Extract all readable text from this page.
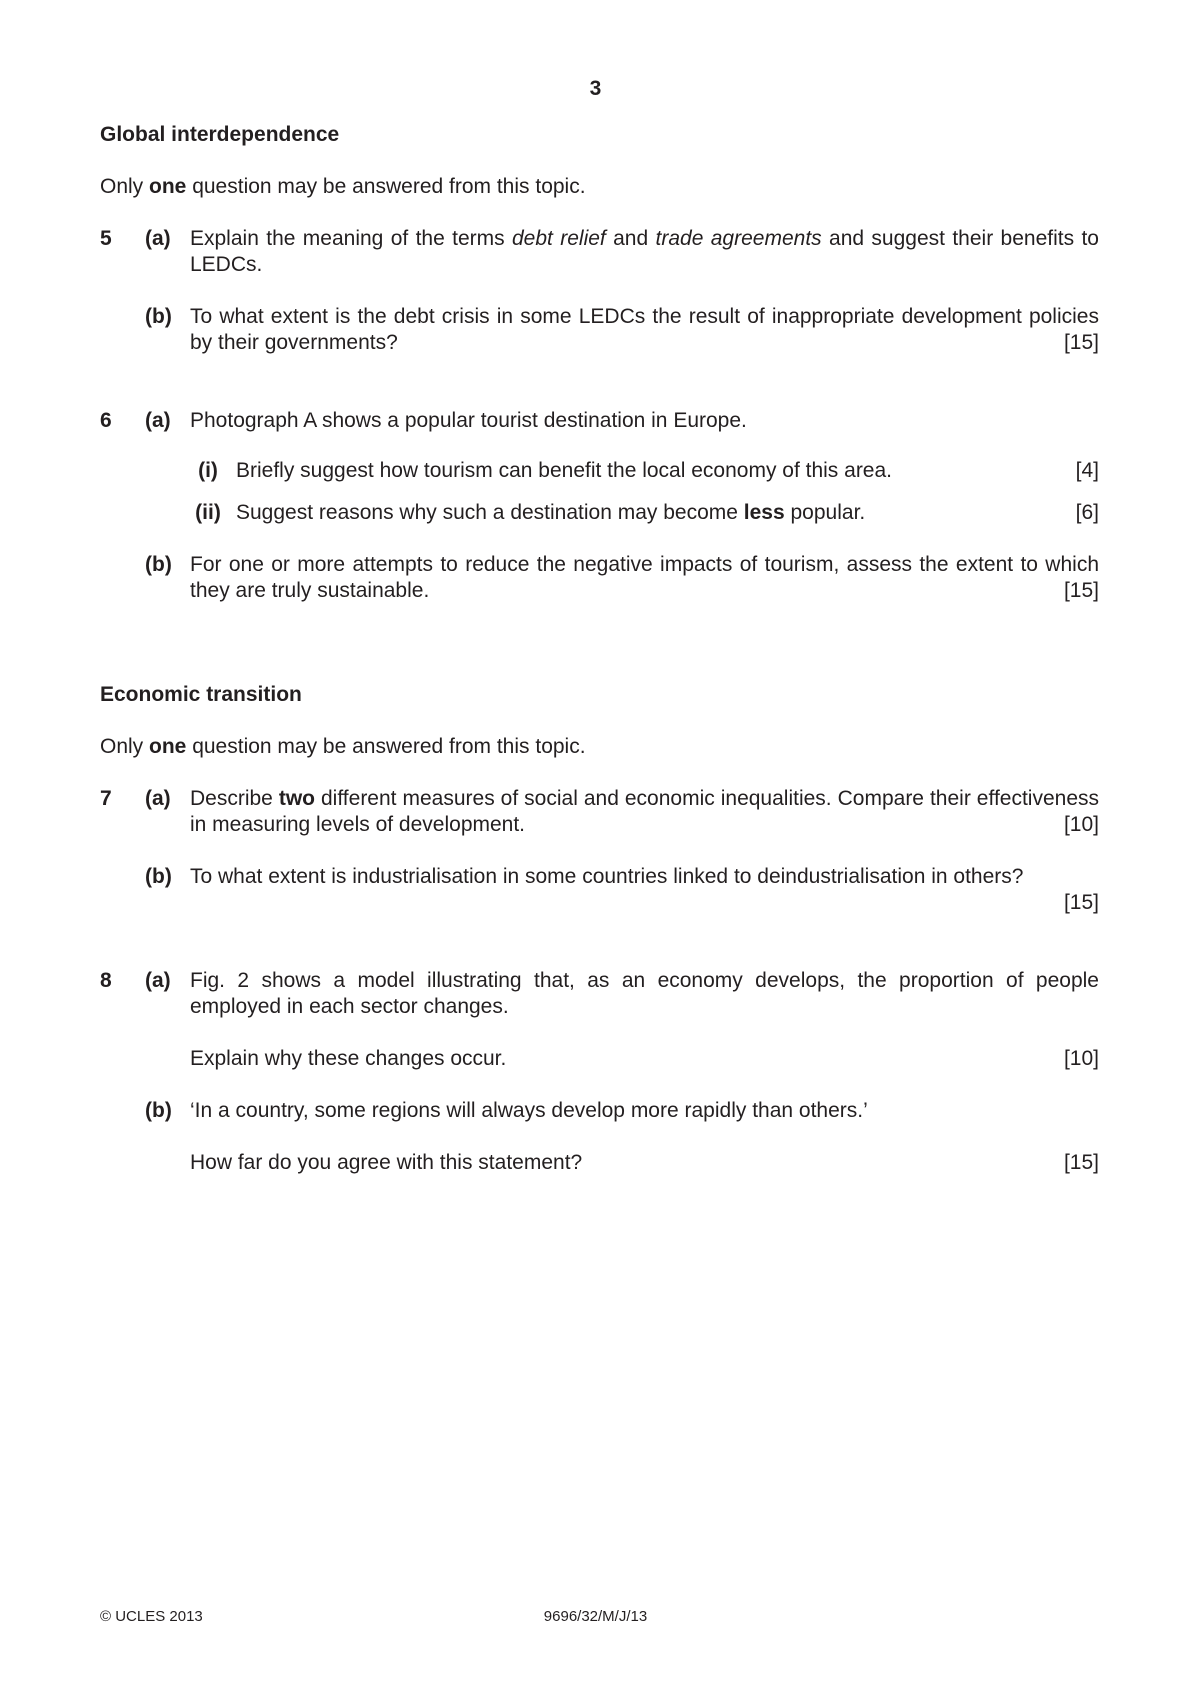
3
Global interdependence
Only one question may be answered from this topic.
5	(a) Explain the meaning of the terms debt relief and trade agreements and suggest their benefits to LEDCs.
(b) To what extent is the debt crisis in some LEDCs the result of inappropriate development policies by their governments?	[15]
6	(a) Photograph A shows a popular tourist destination in Europe.
(i) Briefly suggest how tourism can benefit the local economy of this area.	[4]
(ii) Suggest reasons why such a destination may become less popular.	[6]
(b) For one or more attempts to reduce the negative impacts of tourism, assess the extent to which they are truly sustainable.	[15]
Economic transition
Only one question may be answered from this topic.
7	(a) Describe two different measures of social and economic inequalities. Compare their effectiveness in measuring levels of development.	[10]
(b) To what extent is industrialisation in some countries linked to deindustrialisation in others?
[15]
8	(a) Fig. 2 shows a model illustrating that, as an economy develops, the proportion of people employed in each sector changes.
Explain why these changes occur.	[10]
(b) ‘In a country, some regions will always develop more rapidly than others.’
How far do you agree with this statement?	[15]
© UCLES 2013	9696/32/M/J/13
